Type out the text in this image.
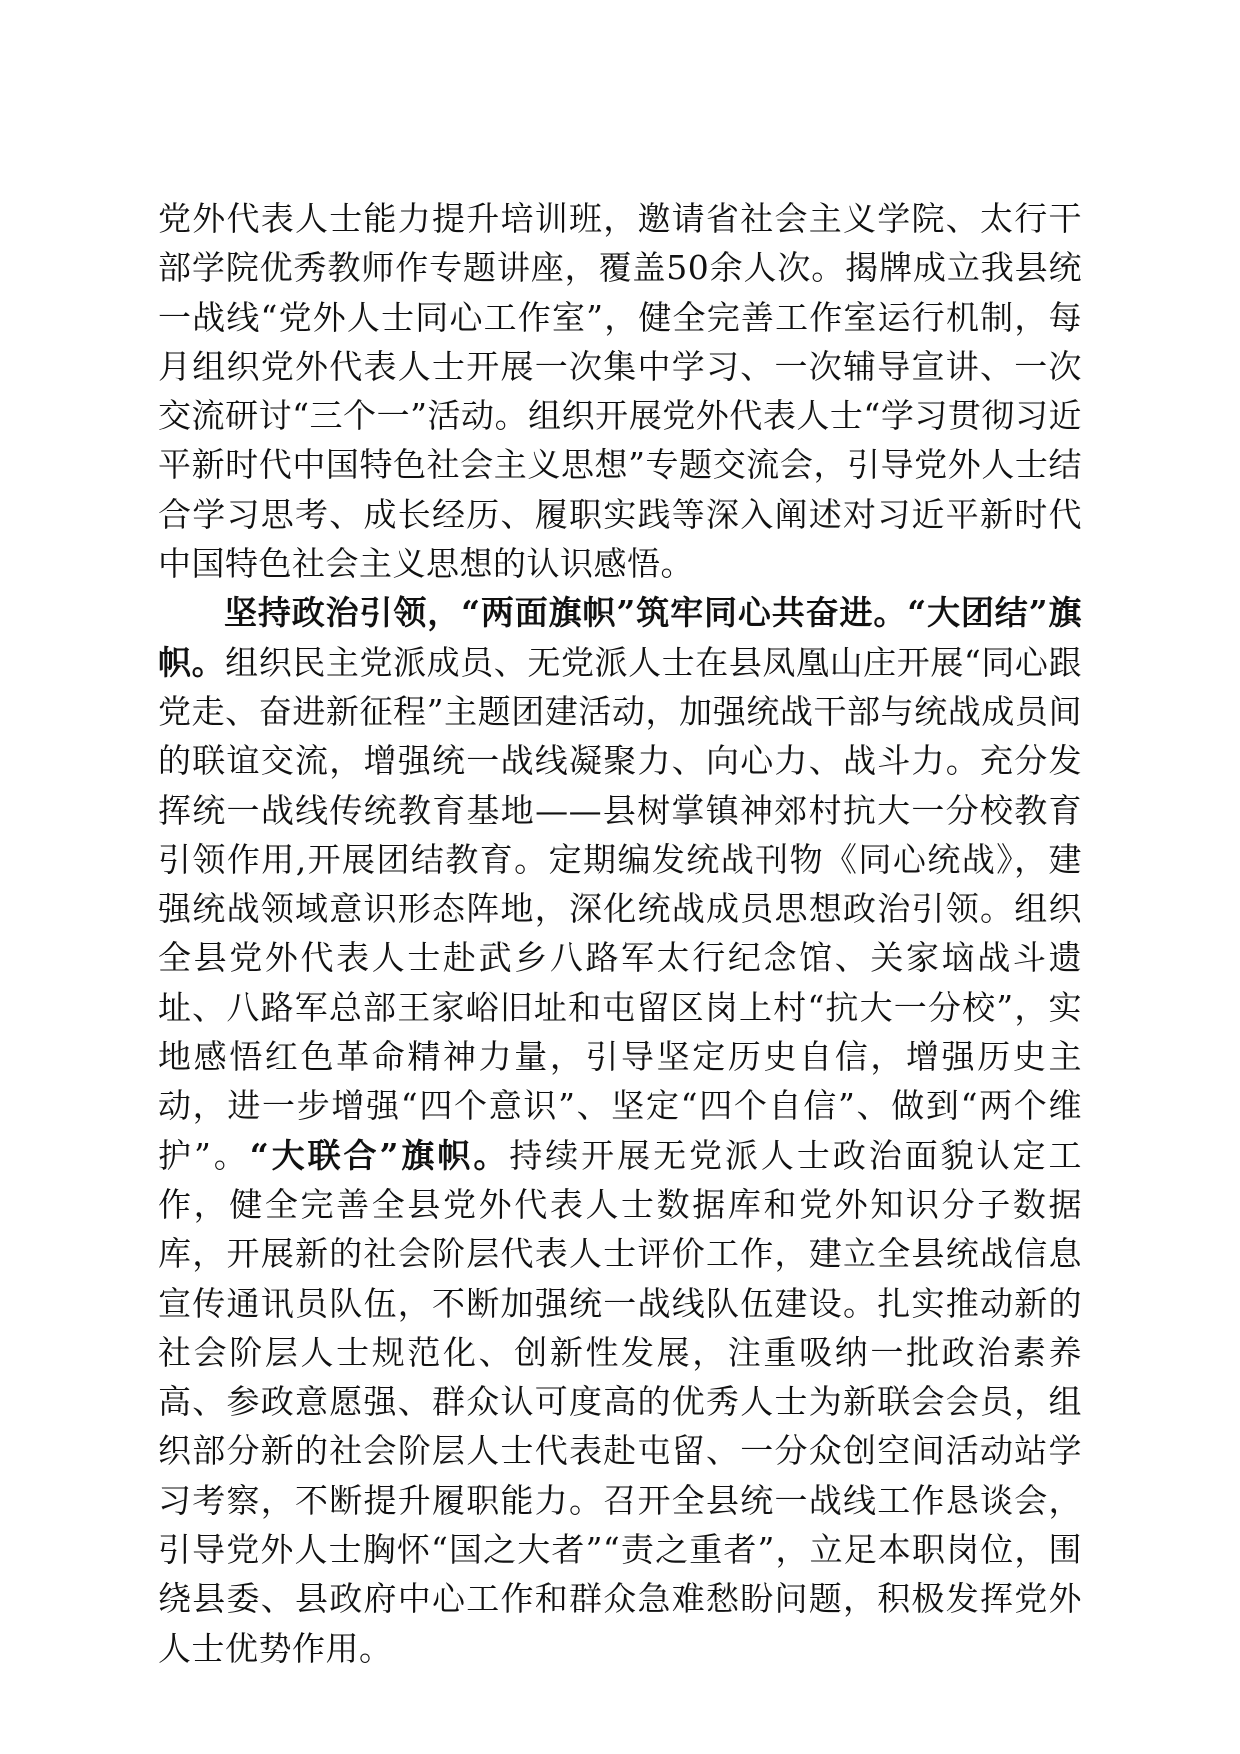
党外代表人士能力提升培训班，邀请省社会主义学院、太行干部学院优秀教师作专题讲座，覆盖50余人次。揭牌成立我县统一战线“党外人士同心工作室”，健全完善工作室运行机制，每月组织党外代表人士开展一次集中学习、一次辅导宣讲、一次交流研讨“三个一”活动。组织开展党外代表人士“学习贯彻习近平新时代中国特色社会主义思想”专题交流会，引导党外人士结合学习思考、成长经历、履职实践等深入阐述对习近平新时代中国特色社会主义思想的认识感悟。

坚持政治引领，“两面旗帜”筑牢同心共奋进。“大团结”旗帜。组织民主党派成员、无党派人士在县凤凰山庄开展“同心跟党走、奋进新征程”主题团建活动，加强统战干部与统战成员间的联谊交流，增强统一战线凝聚力、向心力、战斗力。充分发挥统一战线传统教育基地——县树掌镇神郊村抗大一分校教育引领作用,开展团结教育。定期编发统战刊物《同心统战》，建强统战领域意识形态阵地，深化统战成员思想政治引领。组织全县党外代表人士赴武乡八路军太行纪念馆、关家垴战斗遗址、八路军总部王家峪旧址和屯留区岗上村“抗大一分校”，实地感悟红色革命精神力量，引导坚定历史自信，增强历史主动，进一步增强“四个意识”、坚定“四个自信”、做到“两个维护”。“大联合”旗帜。持续开展无党派人士政治面貌认定工作，健全完善全县党外代表人士数据库和党外知识分子数据库，开展新的社会阶层代表人士评价工作，建立全县统战信息宣传通讯员队伍，不断加强统一战线队伍建设。扎实推动新的社会阶层人士规范化、创新性发展，注重吸纳一批政治素养高、参政意愿强、群众认可度高的优秀人士为新联会会员，组织部分新的社会阶层人士代表赴屯留、一分众创空间活动站学习考察，不断提升履职能力。召开全县统一战线工作恳谈会，引导党外人士胸怀“国之大者”“责之重者”，立足本职岗位，围绕县委、县政府中心工作和群众急难愁盼问题，积极发挥党外人士优势作用。
